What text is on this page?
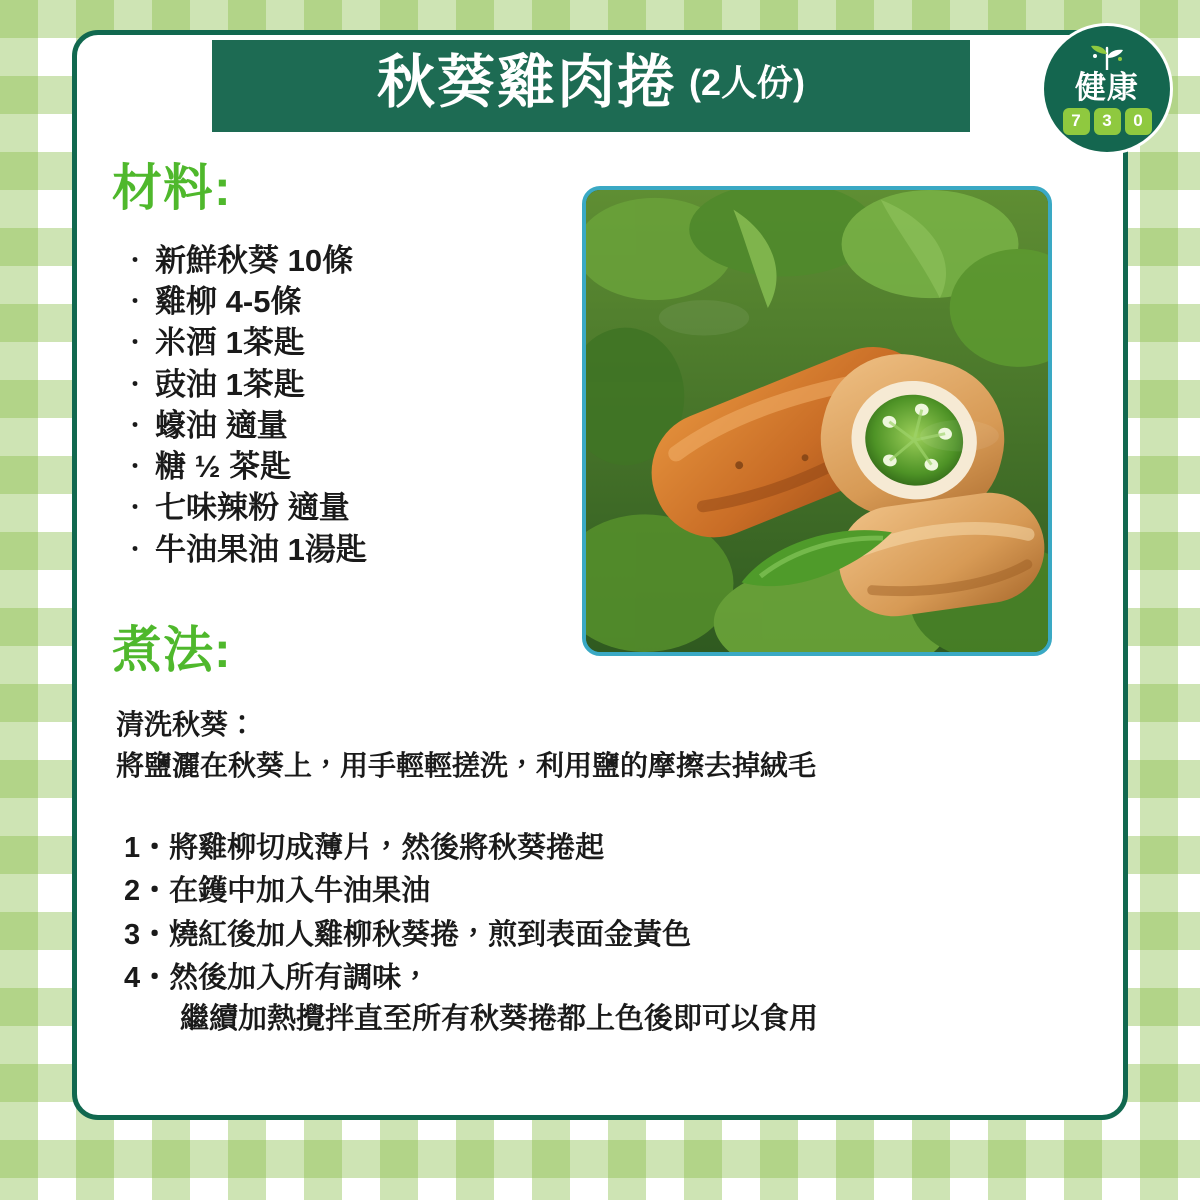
秋葵雞肉捲 (2人份)	健康
7	3	0
材料:
・ 新鮮秋葵 10條
・ 雞柳 4-5條
・ 米酒 1茶匙
・ 豉油 1茶匙
・ 蠔油 適量
・ 糖 ½ 茶匙
・ 七味辣粉 適量
・ 牛油果油 1湯匙
煮法:

清洗秋葵：

將鹽灑在秋葵上，用手輕輕搓洗，利用鹽的摩擦去掉絨毛

1・將雞柳切成薄片，然後將秋葵捲起
2・在鑊中加入牛油果油
3・燒紅後加人雞柳秋葵捲，煎到表面金黃色
4・然後加入所有調味，
繼續加熱攪拌直至所有秋葵捲都上色後即可以食用
